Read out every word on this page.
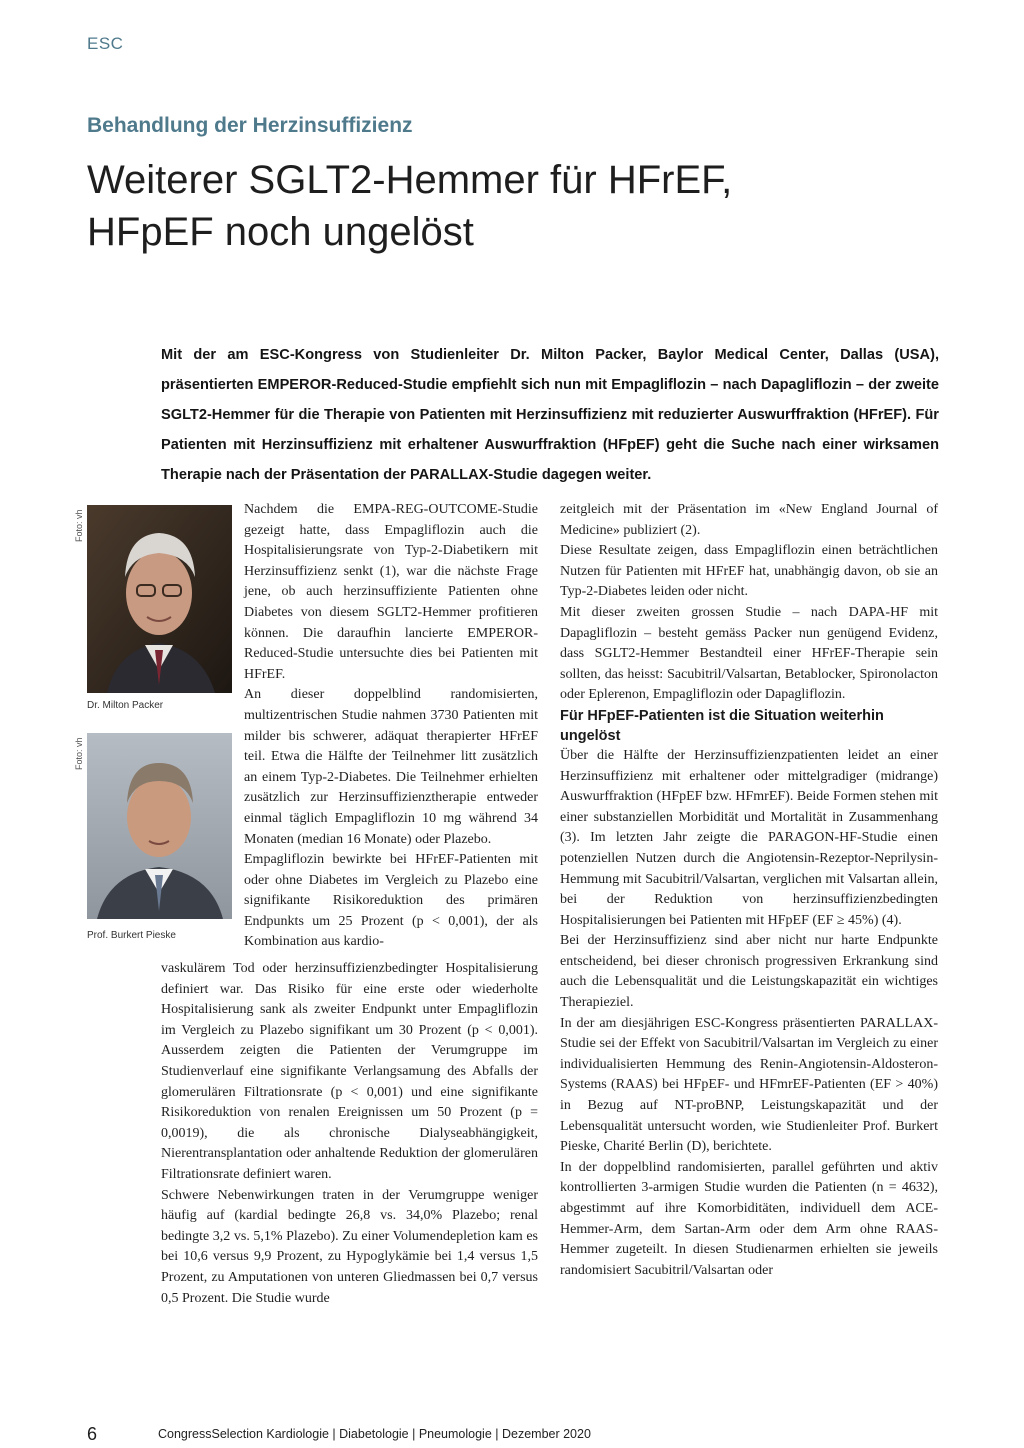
ESC
Behandlung der Herzinsuffizienz
Weiterer SGLT2-Hemmer für HFrEF,
HFpEF noch ungelöst
Mit der am ESC-Kongress von Studienleiter Dr. Milton Packer, Baylor Medical Center, Dallas (USA), präsentierten EMPEROR-Reduced-Studie empfiehlt sich nun mit Empagliflozin – nach Dapagliflozin – der zweite SGLT2-Hemmer für die Therapie von Patienten mit Herzinsuffizienz mit reduzierter Auswurffraktion (HFrEF). Für Patienten mit Herzinsuffizienz mit erhaltener Auswurffraktion (HFpEF) geht die Suche nach einer wirksamen Therapie nach der Präsentation der PARALLAX-Studie dagegen weiter.
Foto: vh
Dr. Milton Packer
Foto: vh
Prof. Burkert Pieske

Nachdem die EMPA-REG-OUTCOME-Studie gezeigt hatte, dass Empagliflozin auch die Hospitalisierungsrate von Typ-2-Diabetikern mit Herzinsuffizienz senkt (1), war die nächste Frage jene, ob auch herzinsuffiziente Patienten ohne Diabetes von diesem SGLT2-Hemmer profitieren können. Die daraufhin lancierte EMPEROR-Reduced-Studie untersuchte dies bei Patienten mit HFrEF.

An dieser doppelblind randomisierten, multizentrischen Studie nahmen 3730 Patienten mit milder bis schwerer, adäquat therapierter HFrEF teil. Etwa die Hälfte der Teilnehmer litt zusätzlich an einem Typ-2-Diabetes. Die Teilnehmer erhielten zusätzlich zur Herzinsuffizienztherapie entweder einmal täglich Empagliflozin 10 mg während 34 Monaten (median 16 Monate) oder Plazebo.

Empagliflozin bewirkte bei HFrEF-Patienten mit oder ohne Diabetes im Vergleich zu Plazebo eine signifikante Risikoreduktion des primären Endpunkts um 25 Prozent (p < 0,001), der als Kombination aus kardio-

vaskulärem Tod oder herzinsuffizienzbedingter Hospitalisierung definiert war. Das Risiko für eine erste oder wiederholte Hospitalisierung sank als zweiter Endpunkt unter Empagliflozin im Vergleich zu Plazebo signifikant um 30 Prozent (p < 0,001). Ausserdem zeigten die Patienten der Verumgruppe im Studienverlauf eine signifikante Verlangsamung des Abfalls der glomerulären Filtrationsrate (p < 0,001) und eine signifikante Risikoreduktion von renalen Ereignissen um 50 Prozent (p = 0,0019), die als chronische Dialyseabhängigkeit, Nierentransplantation oder anhaltende Reduktion der glomerulären Filtrationsrate definiert waren.

Schwere Nebenwirkungen traten in der Verumgruppe weniger häufig auf (kardial bedingte 26,8 vs. 34,0% Plazebo; renal bedingte 3,2 vs. 5,1% Plazebo). Zu einer Volumendepletion kam es bei 10,6 versus 9,9 Prozent, zu Hypoglykämie bei 1,4 versus 1,5 Prozent, zu Amputationen von unteren Gliedmassen bei 0,7 versus 0,5 Prozent. Die Studie wurde

zeitgleich mit der Präsentation im «New England Journal of Medicine» publiziert (2).

Diese Resultate zeigen, dass Empagliflozin einen beträchtlichen Nutzen für Patienten mit HFrEF hat, unabhängig davon, ob sie an Typ-2-Diabetes leiden oder nicht.

Mit dieser zweiten grossen Studie – nach DAPA-HF mit Dapagliflozin – besteht gemäss Packer nun genügend Evidenz, dass SGLT2-Hemmer Bestandteil einer HFrEF-Therapie sein sollten, das heisst: Sacubitril/Valsartan, Betablocker, Spironolacton oder Eplerenon, Empagliflozin oder Dapagliflozin.

Für HFpEF-Patienten ist die Situation weiterhin ungelöst

Über die Hälfte der Herzinsuffizienzpatienten leidet an einer Herzinsuffizienz mit erhaltener oder mittelgradiger (midrange) Auswurffraktion (HFpEF bzw. HFmrEF). Beide Formen stehen mit einer substanziellen Morbidität und Mortalität in Zusammenhang (3). Im letzten Jahr zeigte die PARAGON-HF-Studie einen potenziellen Nutzen durch die Angiotensin-Rezeptor-Neprilysin-Hemmung mit Sacubitril/Valsartan, verglichen mit Valsartan allein, bei der Reduktion von herzinsuffizienzbedingten Hospitalisierungen bei Patienten mit HFpEF (EF ≥ 45%) (4).

Bei der Herzinsuffizienz sind aber nicht nur harte Endpunkte entscheidend, bei dieser chronisch progressiven Erkrankung sind auch die Lebensqualität und die Leistungskapazität ein wichtiges Therapieziel.

In der am diesjährigen ESC-Kongress präsentierten PARALLAX-Studie sei der Effekt von Sacubitril/Valsartan im Vergleich zu einer individualisierten Hemmung des Renin-Angiotensin-Aldosteron-Systems (RAAS) bei HFpEF- und HFmrEF-Patienten (EF > 40%) in Bezug auf NT-proBNP, Leistungskapazität und der Lebensqualität untersucht worden, wie Studienleiter Prof. Burkert Pieske, Charité Berlin (D), berichtete.

In der doppelblind randomisierten, parallel geführten und aktiv kontrollierten 3-armigen Studie wurden die Patienten (n = 4632), abgestimmt auf ihre Komorbiditäten, individuell dem ACE-Hemmer-Arm, dem Sartan-Arm oder dem Arm ohne RAAS-Hemmer zugeteilt. In diesen Studienarmen erhielten sie jeweils randomisiert Sacubitril/Valsartan oder

6	CongressSelection Kardiologie | Diabetologie | Pneumologie | Dezember 2020
